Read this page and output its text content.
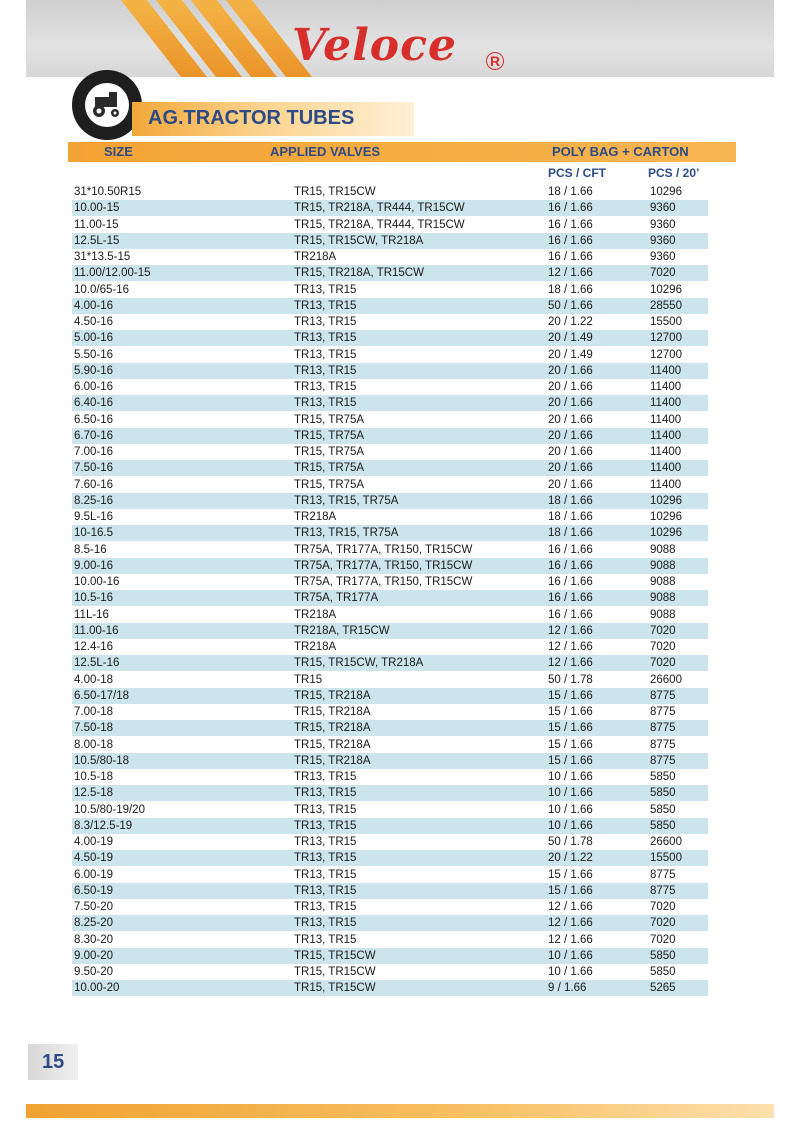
Veloce R
AG.TRACTOR TUBES
SIZE	APPLIED VALVES	POLY BAG + CARTON
PCS / CFT	PCS / 20’
31*10.50R15	TR15, TR15CW	18 / 1.66	10296
10.00-15	TR15, TR218A, TR444, TR15CW	16 / 1.66	9360
11.00-15	TR15, TR218A, TR444, TR15CW	16 / 1.66	9360
12.5L-15	TR15, TR15CW, TR218A	16 / 1.66	9360
31*13.5-15	TR218A	16 / 1.66	9360
11.00/12.00-15	TR15, TR218A, TR15CW	12 / 1.66	7020
10.0/65-16	TR13, TR15	18 / 1.66	10296
4.00-16	TR13, TR15	50 / 1.66	28550
4.50-16	TR13, TR15	20 / 1.22	15500
5.00-16	TR13, TR15	20 / 1.49	12700
5.50-16	TR13, TR15	20 / 1.49	12700
5.90-16	TR13, TR15	20 / 1.66	11400
6.00-16	TR13, TR15	20 / 1.66	11400
6.40-16	TR13, TR15	20 / 1.66	11400
6.50-16	TR15, TR75A	20 / 1.66	11400
6.70-16	TR15, TR75A	20 / 1.66	11400
7.00-16	TR15, TR75A	20 / 1.66	11400
7.50-16	TR15, TR75A	20 / 1.66	11400
7.60-16	TR15, TR75A	20 / 1.66	11400
8.25-16	TR13, TR15, TR75A	18 / 1.66	10296
9.5L-16	TR218A	18 / 1.66	10296
10-16.5	TR13, TR15, TR75A	18 / 1.66	10296
8.5-16	TR75A, TR177A, TR150, TR15CW	16 / 1.66	9088
9.00-16	TR75A, TR177A, TR150, TR15CW	16 / 1.66	9088
10.00-16	TR75A, TR177A, TR150, TR15CW	16 / 1.66	9088
10.5-16	TR75A, TR177A	16 / 1.66	9088
11L-16	TR218A	16 / 1.66	9088
11.00-16	TR218A, TR15CW	12 / 1.66	7020
12.4-16	TR218A	12 / 1.66	7020
12.5L-16	TR15, TR15CW, TR218A	12 / 1.66	7020
4.00-18	TR15	50 / 1.78	26600
6.50-17/18	TR15, TR218A	15 / 1.66	8775
7.00-18	TR15, TR218A	15 / 1.66	8775
7.50-18	TR15, TR218A	15 / 1.66	8775
8.00-18	TR15, TR218A	15 / 1.66	8775
10.5/80-18	TR15, TR218A	15 / 1.66	8775
10.5-18	TR13, TR15	10 / 1.66	5850
12.5-18	TR13, TR15	10 / 1.66	5850
10.5/80-19/20	TR13, TR15	10 / 1.66	5850
8.3/12.5-19	TR13, TR15	10 / 1.66	5850
4.00-19	TR13, TR15	50 / 1.78	26600
4.50-19	TR13, TR15	20 / 1.22	15500
6.00-19	TR13, TR15	15 / 1.66	8775
6.50-19	TR13, TR15	15 / 1.66	8775
7.50-20	TR13, TR15	12 / 1.66	7020
8.25-20	TR13, TR15	12 / 1.66	7020
8.30-20	TR13, TR15	12 / 1.66	7020
9.00-20	TR15, TR15CW	10 / 1.66	5850
9.50-20	TR15, TR15CW	10 / 1.66	5850
10.00-20	TR15, TR15CW	9 / 1.66	5265
15
